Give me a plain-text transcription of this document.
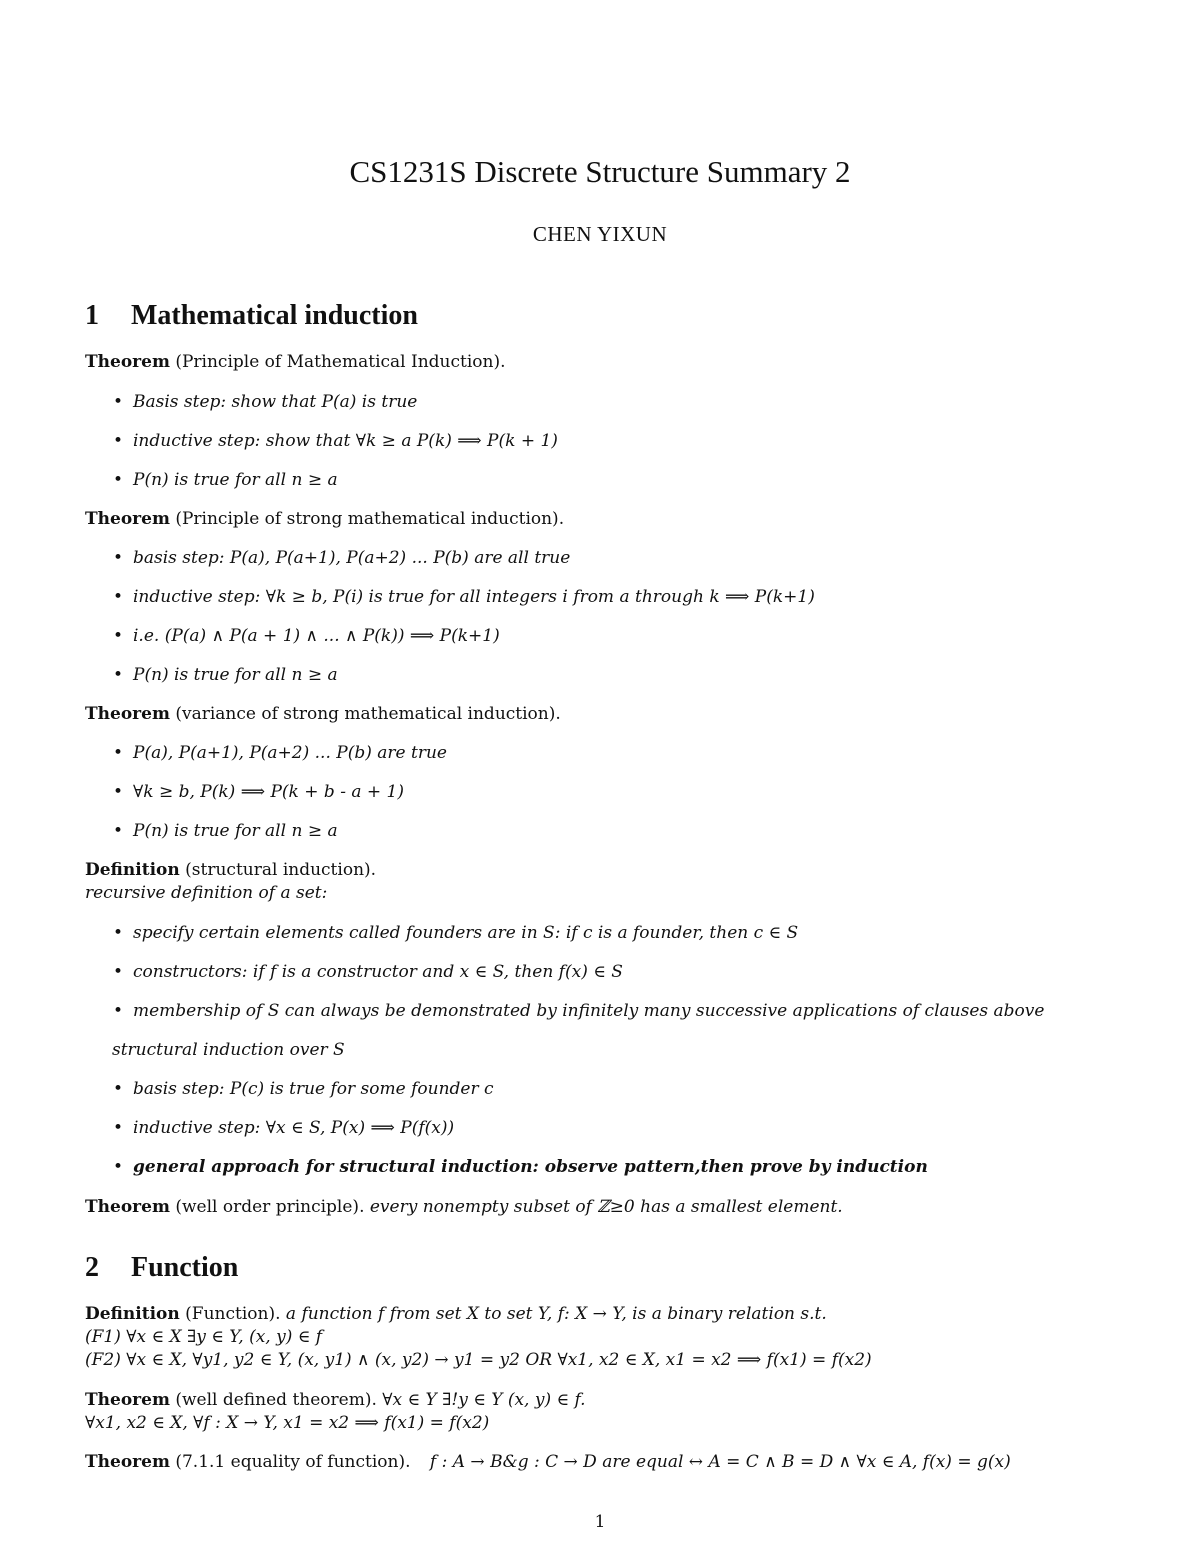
CS1231S Discrete Structure Summary 2
CHEN YIXUN
1 Mathematical induction
Theorem (Principle of Mathematical Induction).
• Basis step: show that P(a) is true
• inductive step: show that ∀k ≥ a P(k) ⟹ P(k + 1)
• P(n) is true for all n ≥ a
Theorem (Principle of strong mathematical induction).
• basis step: P(a), P(a+1), P(a+2) ... P(b) are all true
• inductive step: ∀k ≥ b, P(i) is true for all integers i from a through k ⟹ P(k+1)
• i.e. (P(a) ∧ P(a + 1) ∧ ... ∧ P(k)) ⟹ P(k+1)
• P(n) is true for all n ≥ a
Theorem (variance of strong mathematical induction).
• P(a), P(a+1), P(a+2) ... P(b) are true
• ∀k ≥ b, P(k) ⟹ P(k + b - a + 1)
• P(n) is true for all n ≥ a
Definition (structural induction).
recursive definition of a set:
• specify certain elements called founders are in S: if c is a founder, then c ∈ S
• constructors: if f is a constructor and x ∈ S, then f(x) ∈ S
• membership of S can always be demonstrated by infinitely many successive applications of clauses above
structural induction over S
• basis step: P(c) is true for some founder c
• inductive step: ∀x ∈ S, P(x) ⟹ P(f(x))
• general approach for structural induction: observe pattern,then prove by induction
Theorem (well order principle). every nonempty subset of ℤ≥0 has a smallest element.
2 Function
Definition (Function). a function f from set X to set Y, f: X → Y, is a binary relation s.t.
(F1) ∀x ∈ X ∃y ∈ Y, (x, y) ∈ f
(F2) ∀x ∈ X, ∀y1, y2 ∈ Y, (x, y1) ∧ (x, y2) → y1 = y2 OR ∀x1, x2 ∈ X, x1 = x2 ⟹ f(x1) = f(x2)
Theorem (well defined theorem). ∀x ∈ Y ∃!y ∈ Y (x, y) ∈ f.
∀x1, x2 ∈ X, ∀f : X → Y, x1 = x2 ⟹ f(x1) = f(x2)
Theorem (7.1.1 equality of function). f : A → B&g : C → D are equal ↔ A = C ∧ B = D ∧ ∀x ∈ A, f(x) = g(x)
1
